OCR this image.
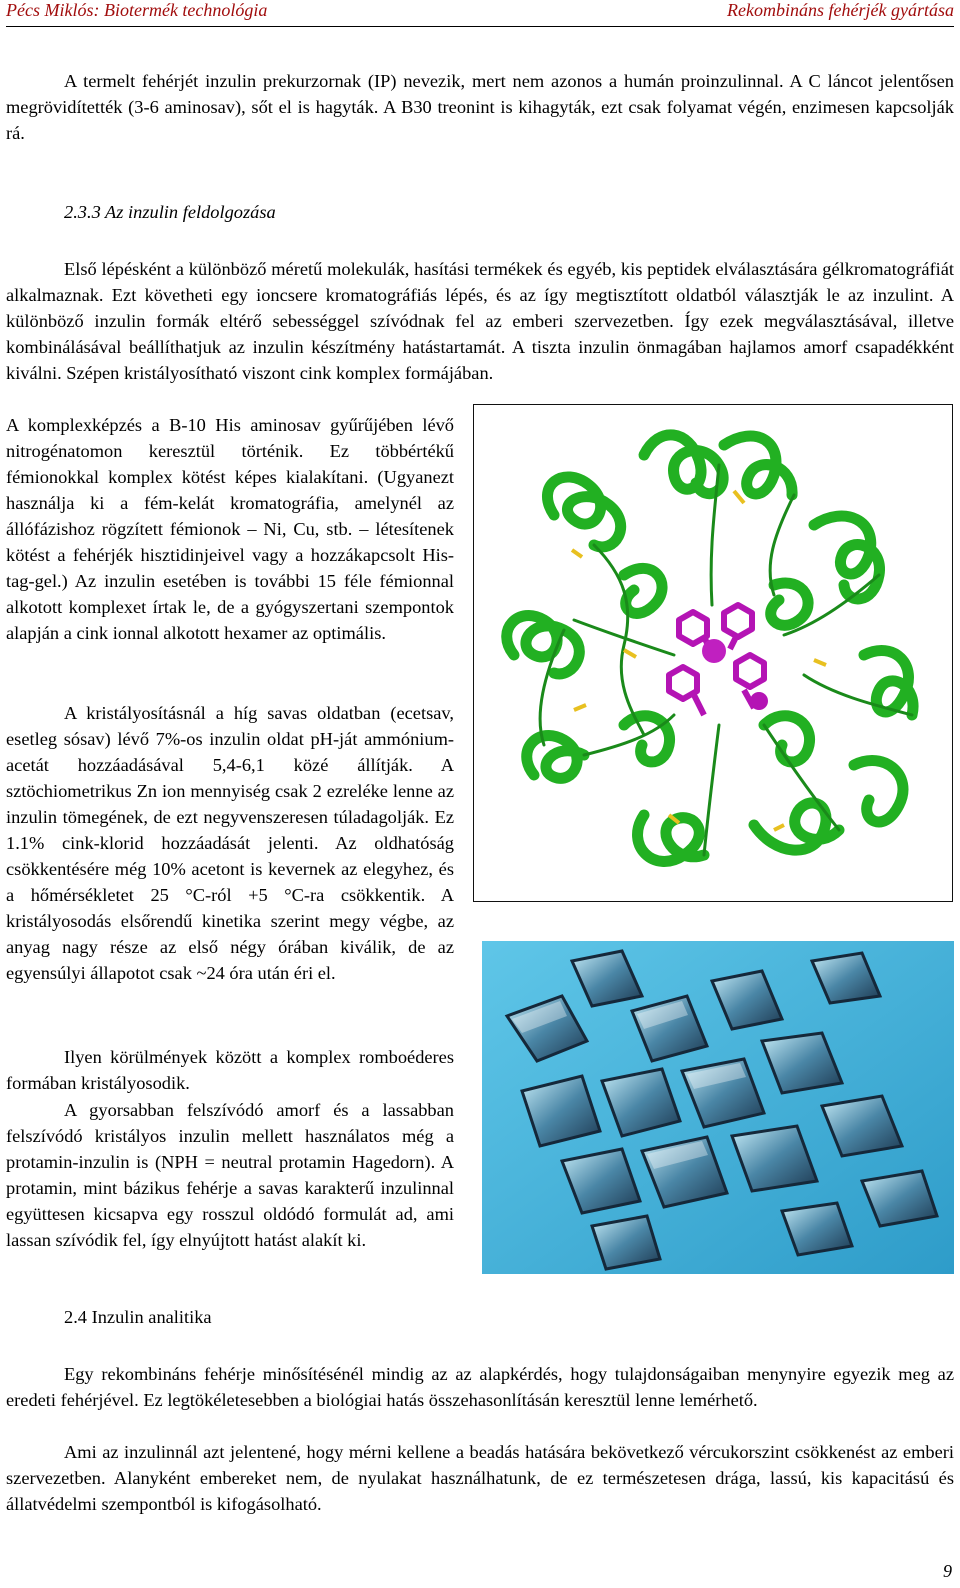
Pécs Miklós: Biotermék technológia	Rekombináns fehérjék gyártása

A termelt fehérjét inzulin prekurzornak (IP) nevezik, mert nem azonos a humán proinzulinnal. A C láncot jelentősen megrövidítették (3-6 aminosav), sőt el is hagyták. A B30 treonint is kihagyták, ezt csak folyamat végén, enzimesen kapcsolják rá.

2.3.3 Az inzulin feldolgozása

Első lépésként a különböző méretű molekulák, hasítási termékek és egyéb, kis peptidek elválasztására gélkromatográfiát alkalmaznak. Ezt követheti egy ioncsere kromatográfiás lépés, és az így megtisztított oldatból választják le az inzulint. A különböző inzulin formák eltérő sebességgel szívódnak fel az emberi szervezetben. Így ezek megválasztásával, illetve kombinálásával beállíthatjuk az inzulin készítmény hatástartamát. A tiszta inzulin önmagában hajlamos amorf csapadékként kiválni. Szépen kristályosítható viszont cink komplex formájában.

A komplexképzés a B-10 His aminosav gyűrűjében lévő nitrogénatomon keresztül történik. Ez többértékű fémionokkal komplex kötést képes kialakítani. (Ugyanezt használja ki a fém-kelát kromatográfia, amelynél az állófázishoz rögzített fémionok – Ni, Cu, stb. – létesítenek kötést a fehérjék hisztidinjeivel vagy a hozzákapcsolt His-tag-gel.) Az inzulin esetében is további 15 féle fémionnal alkotott komplexet írtak le, de a gyógyszertani szempontok alapján a cink ionnal alkotott hexamer az optimális.

A kristályosításnál a híg savas oldatban (ecetsav, esetleg sósav) lévő 7%-os inzulin oldat pH-ját ammónium-acetát hozzáadásával 5,4-6,1 közé állítják. A sztöchiometrikus Zn ion mennyiség csak 2 ezreléke lenne az inzulin tömegének, de ezt negyvenszeresen túladagolják. Ez 1.1% cink-klorid hozzáadását jelenti. Az oldhatóság csökkentésére még 10% acetont is kevernek az elegyhez, és a hőmérsékletet 25 °C-ról +5 °C-ra csökkentik. A kristályosodás elsőrendű kinetika szerint megy végbe, az anyag nagy része az első négy órában kiválik, de az egyensúlyi állapotot csak ~24 óra után éri el.

Ilyen körülmények között a komplex romboéderes formában kristályosodik.

A gyorsabban felszívódó amorf és a lassabban felszívódó kristályos inzulin mellett használatos még a protamin-inzulin is (NPH = neutral protamin Hagedorn). A protamin, mint bázikus fehérje a savas karakterű inzulinnal együttesen kicsapva egy rosszul oldódó formulát ad, ami lassan szívódik fel, így elnyújtott hatást alakít ki.

2.4 Inzulin analitika

Egy rekombináns fehérje minősítésénél mindig az az alapkérdés, hogy tulajdonságaiban menynyire egyezik meg az eredeti fehérjével. Ez legtökéletesebben a biológiai hatás összehasonlításán keresztül lenne lemérhető.

Ami az inzulinnál azt jelentené, hogy mérni kellene a beadás hatására bekövetkező vércukorszint csökkenést az emberi szervezetben. Alanyként embereket nem, de nyulakat használhatunk, de ez természetesen drága, lassú, kis kapacitású és állatvédelmi szempontból is kifogásolható.

9
